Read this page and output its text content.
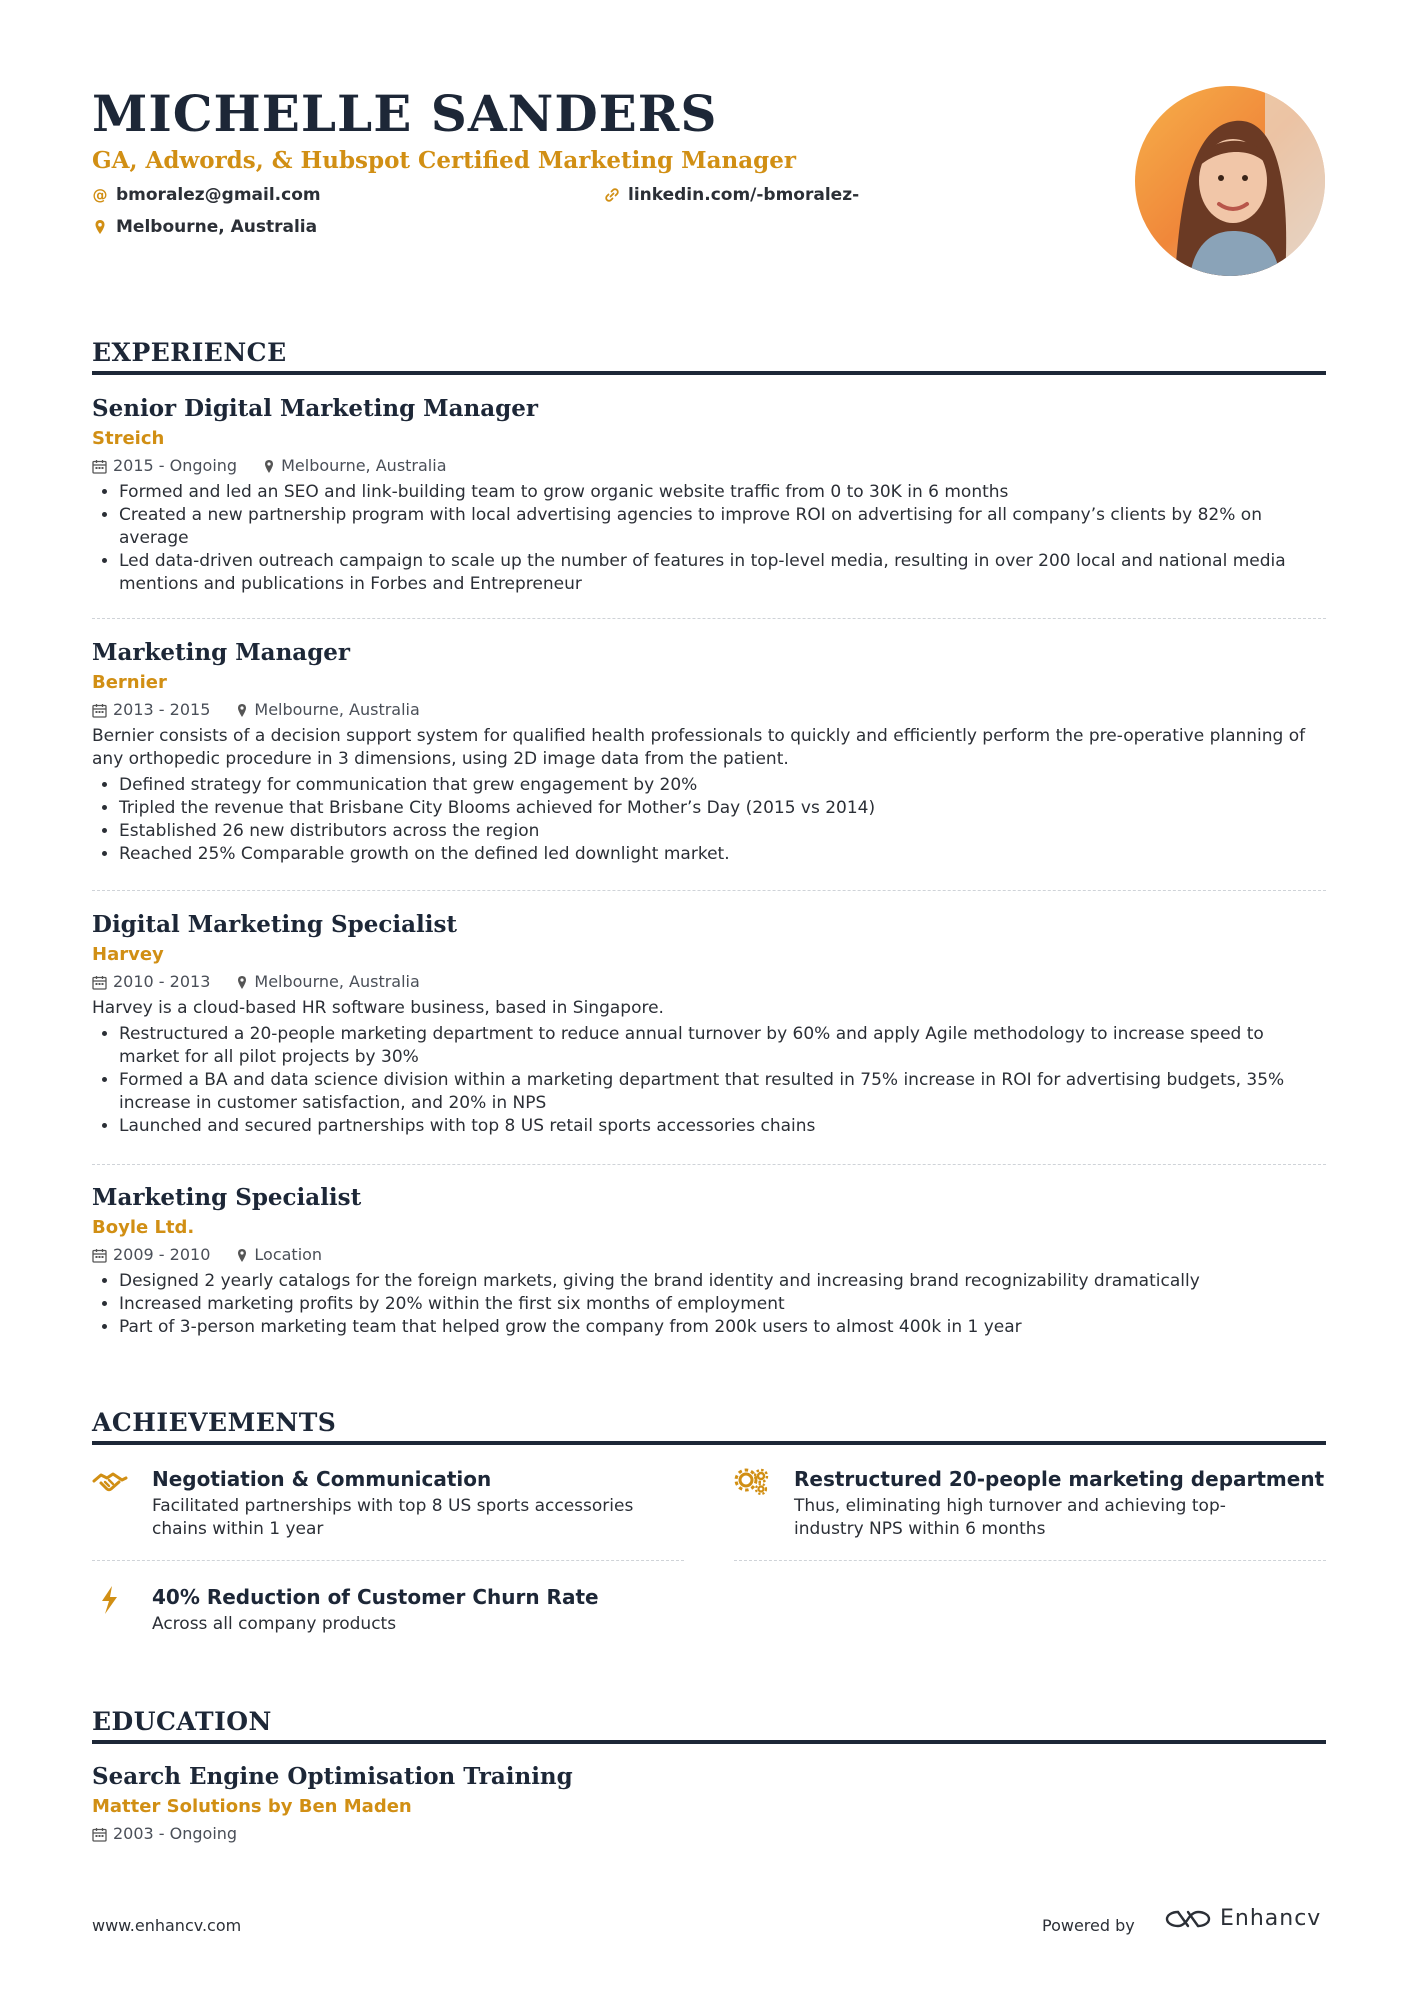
MICHELLE SANDERS
GA, Adwords, & Hubspot Certified Marketing Manager
@ bmoralez@gmail.com	linkedin.com/-bmoralez-
Melbourne, Australia
EXPERIENCE
Senior Digital Marketing Manager
Streich
2015 - Ongoing	Melbourne, Australia
• Formed and led an SEO and link-building team to grow organic website traffic from 0 to 30K in 6 months
• Created a new partnership program with local advertising agencies to improve ROI on advertising for all company’s clients by 82% on average
• Led data-driven outreach campaign to scale up the number of features in top-level media, resulting in over 200 local and national media mentions and publications in Forbes and Entrepreneur
Marketing Manager
Bernier
2013 - 2015	Melbourne, Australia
Bernier consists of a decision support system for qualified health professionals to quickly and efficiently perform the pre-operative planning of any orthopedic procedure in 3 dimensions, using 2D image data from the patient.
• Defined strategy for communication that grew engagement by 20%
• Tripled the revenue that Brisbane City Blooms achieved for Mother’s Day (2015 vs 2014)
• Established 26 new distributors across the region
• Reached 25% Comparable growth on the defined led downlight market.
Digital Marketing Specialist
Harvey
2010 - 2013	Melbourne, Australia
Harvey is a cloud-based HR software business, based in Singapore.
• Restructured a 20-people marketing department to reduce annual turnover by 60% and apply Agile methodology to increase speed to market for all pilot projects by 30%
• Formed a BA and data science division within a marketing department that resulted in 75% increase in ROI for advertising budgets, 35% increase in customer satisfaction, and 20% in NPS
• Launched and secured partnerships with top 8 US retail sports accessories chains
Marketing Specialist
Boyle Ltd.
2009 - 2010	Location
• Designed 2 yearly catalogs for the foreign markets, giving the brand identity and increasing brand recognizability dramatically
• Increased marketing profits by 20% within the first six months of employment
• Part of 3-person marketing team that helped grow the company from 200k users to almost 400k in 1 year
ACHIEVEMENTS
Negotiation & Communication
Facilitated partnerships with top 8 US sports accessories chains within 1 year
Restructured 20-people marketing department
Thus, eliminating high turnover and achieving top-industry NPS within 6 months
40% Reduction of Customer Churn Rate
Across all company products
EDUCATION
Search Engine Optimisation Training
Matter Solutions by Ben Maden
2003 - Ongoing
www.enhancv.com	Powered by	Enhancv
